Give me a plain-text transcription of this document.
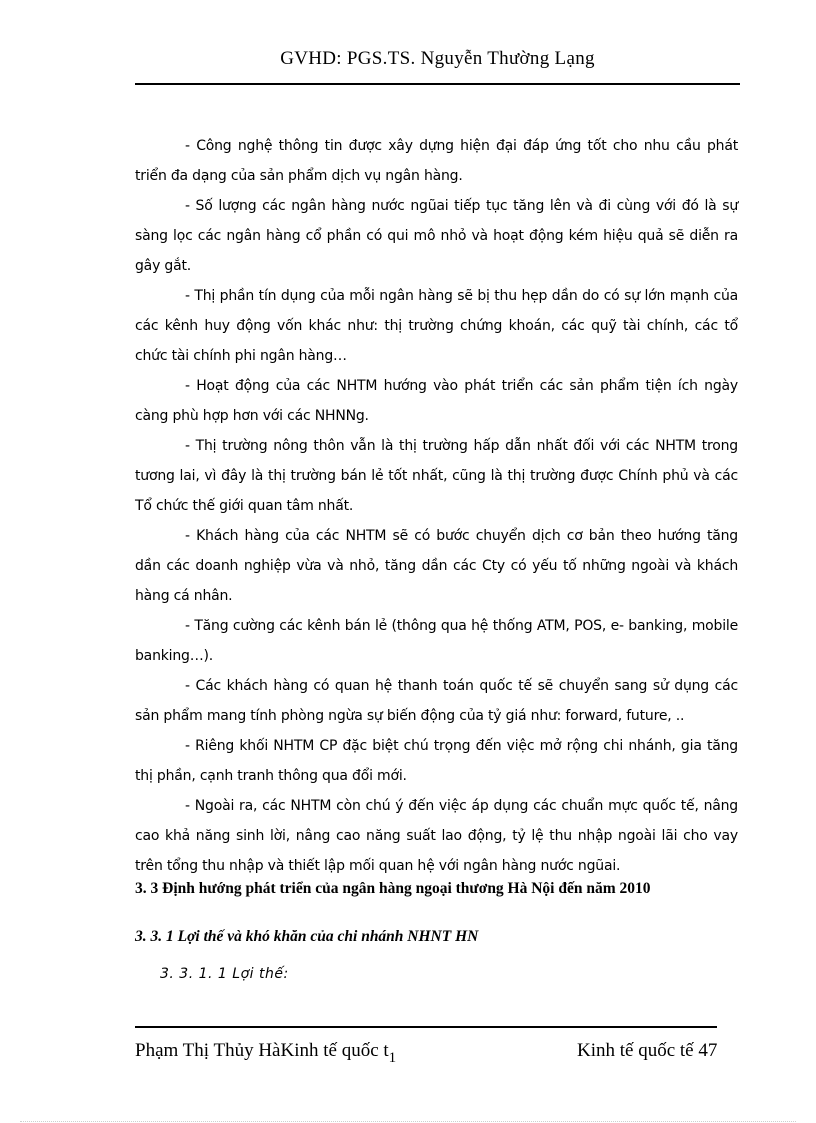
GVHD: PGS.TS. Nguyễn Thường Lạng

- Công nghệ thông tin được xây dựng hiện đại đáp ứng tốt cho nhu cầu phát triển đa dạng của sản phẩm dịch vụ ngân hàng.

- Số lượng các ngân hàng nước ngũai tiếp tục tăng lên và đi cùng với đó là sự sàng lọc các ngân hàng cổ phần có qui mô nhỏ và hoạt động kém hiệu quả sẽ diễn ra gây gắt.

- Thị phần tín dụng của mỗi ngân hàng sẽ bị thu hẹp dần do có sự lớn mạnh của các kênh huy động vốn khác như: thị trường chứng khoán, các quỹ tài chính, các tổ chức tài chính phi ngân hàng…

- Hoạt động của các NHTM hướng vào phát triển các sản phẩm tiện ích ngày càng phù hợp hơn với các NHNNg.

- Thị trường nông thôn vẫn là thị trường hấp dẫn nhất đối với các NHTM trong tương lai, vì đây là thị trường bán lẻ tốt nhất, cũng là thị trường được Chính phủ và các Tổ chức thế giới quan tâm nhất.

- Khách hàng của các NHTM sẽ có bước chuyển dịch cơ bản theo hướng tăng dần các doanh nghiệp vừa và nhỏ, tăng dần các Cty có yếu tố những ngoài và khách hàng cá nhân.

- Tăng cường các kênh bán lẻ (thông qua hệ thống ATM, POS, e- banking, mobile banking…).

- Các khách hàng có quan hệ thanh toán quốc tế sẽ chuyển sang sử dụng các sản phẩm mang tính phòng ngừa sự biến động của tỷ giá như: forward, future, ..

- Riêng khối NHTM CP đặc biệt chú trọng đến việc mở rộng chi nhánh, gia tăng thị phần, cạnh tranh thông qua đổi mới.

- Ngoài ra, các NHTM còn chú ý đến việc áp dụng các chuẩn mực quốc tế, nâng cao khả năng sinh lời, nâng cao năng suất lao động, tỷ lệ thu nhập ngoài lãi cho vay trên tổng thu nhập và thiết lập mối quan hệ với ngân hàng nước ngũai.

3. 3 Định hướng phát triển của ngân hàng ngoại thương Hà Nội đến năm 2010
3. 3. 1 Lợi thế và khó khăn của chi nhánh NHNT HN
3. 3. 1. 1 Lợi thế:
Phạm Thị Thủy HàKinh tế quốc $t_1$	Kinh tế quốc tế 47
